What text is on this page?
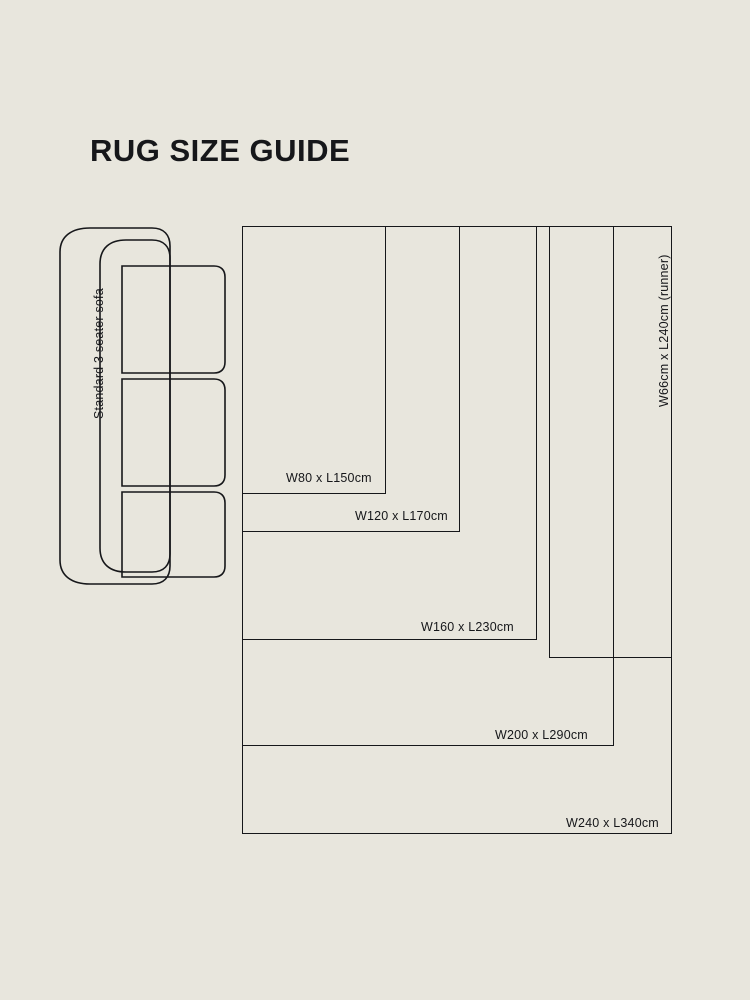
RUG SIZE GUIDE
Standard 3 seater sofa
W240 x L340cm
W66cm x L240cm (runner)
W200 x L290cm
W160 x L230cm
W120 x L170cm
W80 x L150cm
